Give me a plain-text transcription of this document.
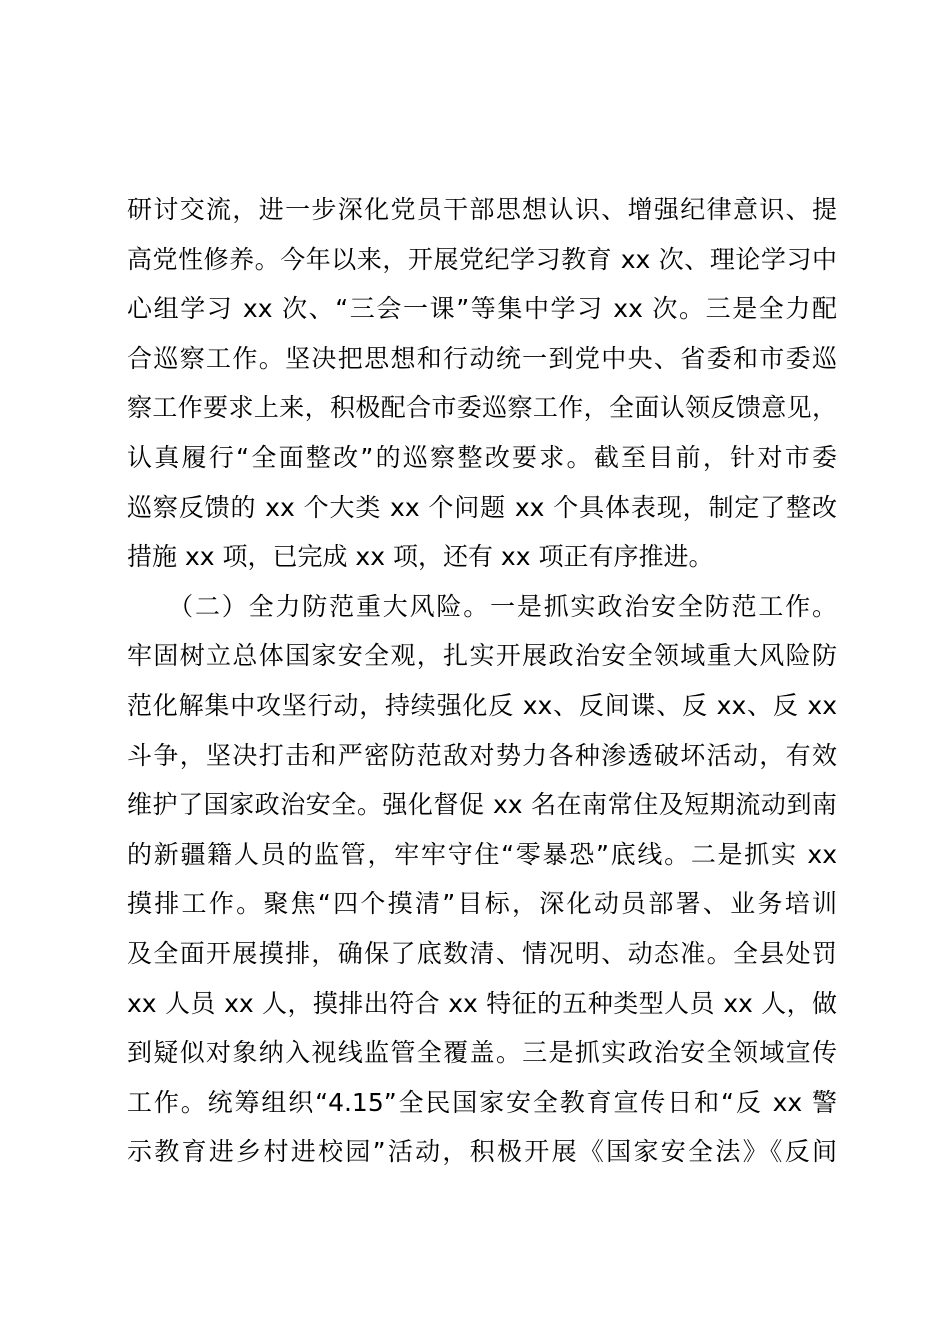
研讨交流，进一步深化党员干部思想认识、增强纪律意识、提
高党性修养。今年以来，开展党纪学习教育 xx 次、理论学习中
心组学习 xx 次、“三会一课”等集中学习 xx 次。三是全力配
合巡察工作。坚决把思想和行动统一到党中央、省委和市委巡
察工作要求上来，积极配合市委巡察工作，全面认领反馈意见，
认真履行“全面整改”的巡察整改要求。截至目前，针对市委
巡察反馈的 xx 个大类 xx 个问题 xx 个具体表现，制定了整改
措施 xx 项，已完成 xx 项，还有 xx 项正有序推进。
　　（二）全力防范重大风险。一是抓实政治安全防范工作。
牢固树立总体国家安全观，扎实开展政治安全领域重大风险防
范化解集中攻坚行动，持续强化反 xx、反间谍、反 xx、反 xx
斗争，坚决打击和严密防范敌对势力各种渗透破坏活动，有效
维护了国家政治安全。强化督促 xx 名在南常住及短期流动到南
的新疆籍人员的监管，牢牢守住“零暴恐”底线。二是抓实 xx
摸排工作。聚焦“四个摸清”目标，深化动员部署、业务培训
及全面开展摸排，确保了底数清、情况明、动态准。全县处罚
xx 人员 xx 人，摸排出符合 xx 特征的五种类型人员 xx 人，做
到疑似对象纳入视线监管全覆盖。三是抓实政治安全领域宣传
工作。统筹组织“4.15”全民国家安全教育宣传日和“反 xx 警
示教育进乡村进校园”活动，积极开展《国家安全法》《反间
